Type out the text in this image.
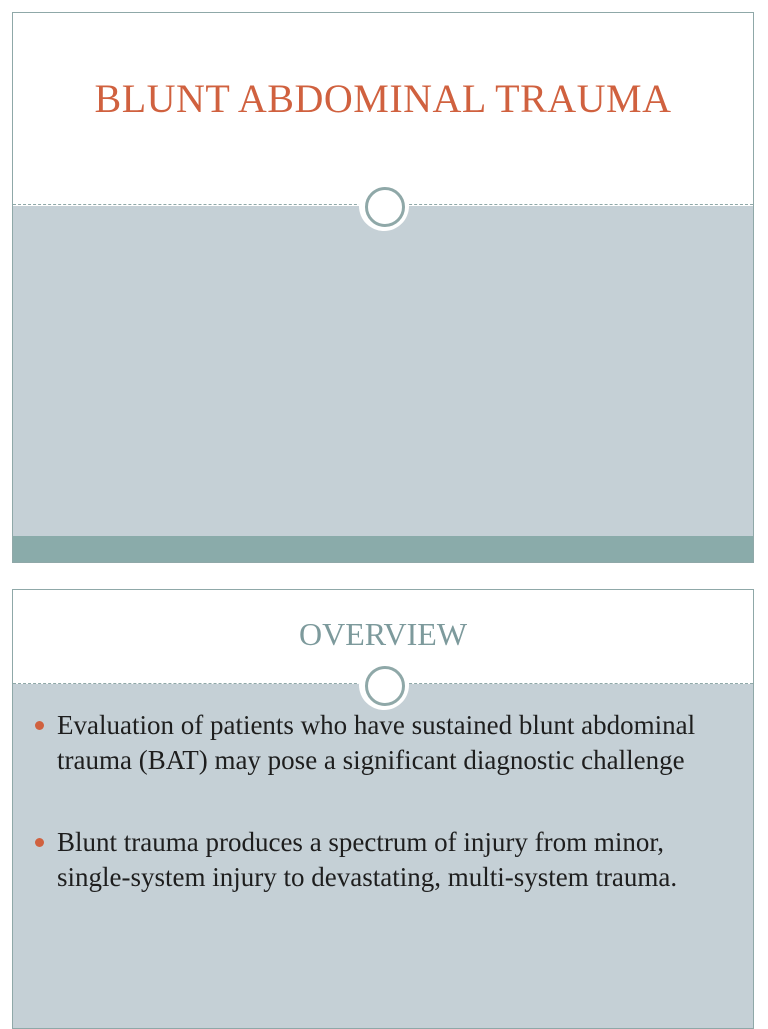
BLUNT ABDOMINAL TRAUMA
OVERVIEW
Evaluation of patients who have sustained blunt abdominal trauma (BAT) may pose a significant diagnostic challenge
Blunt trauma produces a spectrum of injury from minor, single-system injury to devastating, multi-system trauma.
